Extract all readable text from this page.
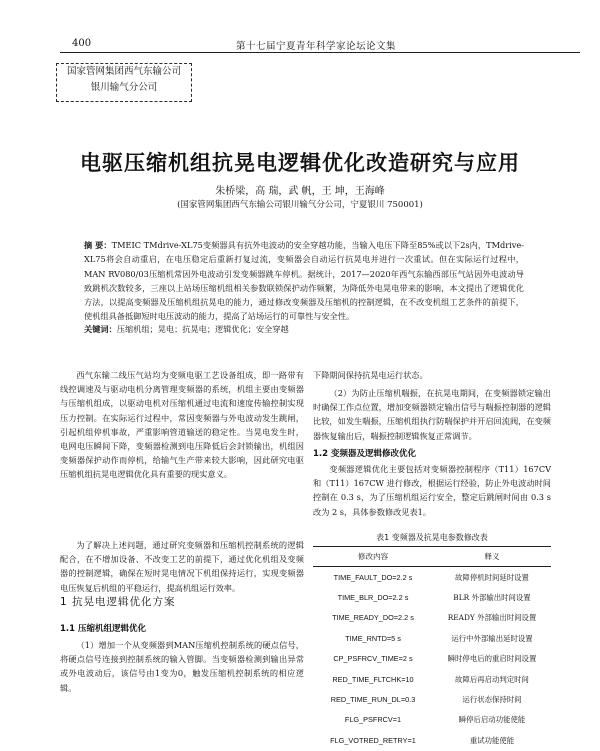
400	第十七届宁夏青年科学家论坛论文集
国家管网集团西气东输公司
银川输气分公司
电驱压缩机组抗晃电逻辑优化改造研究与应用
朱桥梁，高 瑞，武 帆，王 坤，王海峰
(国家管网集团西气东输公司银川输气分公司，宁夏银川 750001)
摘 要：TMEIC TMdrive-XL75变频器具有抗外电波动的安全穿越功能，当输入电压下降至85%或以下2s内，TMdrive-XL75将会自动重启，在电压稳定后重新打复过流，变频器会自动运行抗晃电并进行一次重试。但在实际运行过程中，MAN RV080/03压缩机常因外电波动引发变频器跳车停机。据统计，2017—2020年西气东输西部压气站因外电波动导致跳机次数较多，三座以上站场压缩机组相关参数联锁保护动作频繁，为降低外电晃电带来的影响，本文提出了逻辑优化方法，以提高变频器及压缩机组抗晃电的能力，通过修改变频器及压缩机的控制逻辑，在不改变机组工艺条件的前提下，使机组具备抵御短时电压波动的能力，提高了站场运行的可靠性与安全性。
关键词：压缩机组；晃电；抗晃电；逻辑优化；安全穿越

西气东输二线压气站均为变频电驱工艺设备组成，即一路带有线控调速及与驱动电机分离管理变频器的系统，机组主要由变频器与压缩机组成，以驱动电机对压缩机通过电流和速度传输控制实现压力控制。在实际运行过程中，常因变频器与外电波动发生跳闸，引起机组停机事故，严重影响管道输送的稳定性。当晃电发生时，电网电压瞬间下降，变频器检测到电压降低后会封锁输出，机组因变频器保护动作而停机，给输气生产带来较大影响，因此研究电驱压缩机组抗晃电逻辑优化具有重要的现实意义。

为了解决上述问题，通过研究变频器和压缩机控制系统的逻辑配合，在不增加设备、不改变工艺的前提下，通过优化机组及变频器的控制逻辑，确保在短时晃电情况下机组保持运行，实现变频器电压恢复后机组的平稳运行，提高机组运行效率。

1 抗晃电逻辑优化方案
1.1 压缩机组逻辑优化

（1）增加一个从变频器到MAN压缩机控制系统的硬点信号，将硬点信号连接到控制系统的输入管脚。当变频器检测到输出异常或外电波动后，该信号由1变为0，触发压缩机控制系统的相应逻辑。

下降期间保持抗晃电运行状态。

（2）为防止压缩机喘振，在抗晃电期间，在变频器锁定输出时确保工作点位置，增加变频器锁定输出信号与喘振控制器的逻辑比较，如发生喘振，压缩机组执行防喘保护并开启回流阀，在变频器恢复输出后，喘振控制逻辑恢复正常调节。

1.2 变频器及逻辑修改优化

变频器逻辑优化主要包括对变频器控制程序（T11）167CV 和（T11）167CW 进行修改，根据运行经验，防止外电波动时间控制在 0.3 s，为了压缩机组运行安全，整定后跳闸时间由 0.3 s 改为 2 s，具体参数修改见表1。

表1 变频器及抗晃电参数修改表
修改内容	释义
TIME_FAULT_DO=2.2 s	故障停机时间延时设置
TIME_BLR_DO=2.2 s	BLR 外部输出时间设置
TIME_READY_DO=2.2 s	READY 外部输出时间设置
TIME_RNTD=5 s	运行中外部输出延时设置
CP_PSFRCV_TIME=2 s	瞬时停电后的重启时间设置
RED_TIME_FLTCHK=10	故障后再启动判定时间
RED_TIME_RUN_DL=0.3	运行状态保持时间
FLG_PSFRCV=1	瞬停后启动功能使能
FLG_VOTRED_RETRY=1	重试功能使能
